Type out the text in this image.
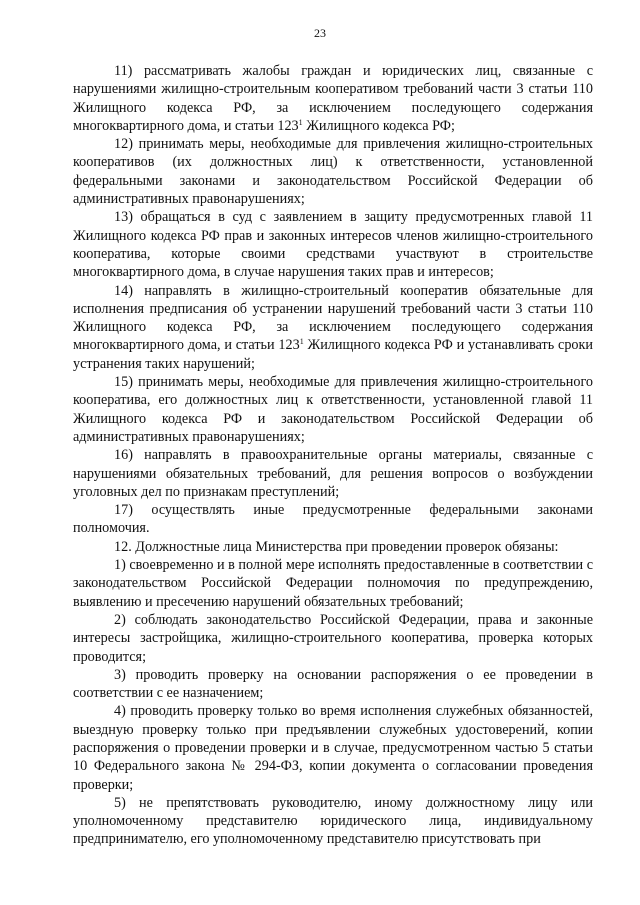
23

11) рассматривать жалобы граждан и юридических лиц, связанные с нарушениями жилищно-строительным кооперативом требований части 3 статьи 110 Жилищного кодекса РФ, за исключением последующего содержания многоквартирного дома, и статьи $123^1$ Жилищного кодекса РФ;

12) принимать меры, необходимые для привлечения жилищно-строительных кооперативов (их должностных лиц) к ответственности, установленной федеральными законами и законодательством Российской Федерации об административных правонарушениях;

13) обращаться в суд с заявлением в защиту предусмотренных главой 11 Жилищного кодекса РФ прав и законных интересов членов жилищно-строительного кооператива, которые своими средствами участвуют в строительстве многоквартирного дома, в случае нарушения таких прав и интересов;

14) направлять в жилищно-строительный кооператив обязательные для исполнения предписания об устранении нарушений требований части 3 статьи 110 Жилищного кодекса РФ, за исключением последующего содержания многоквартирного дома, и статьи $123^1$ Жилищного кодекса РФ и устанавливать сроки устранения таких нарушений;

15) принимать меры, необходимые для привлечения жилищно-строительного кооператива, его должностных лиц к ответственности, установленной главой 11 Жилищного кодекса РФ и законодательством Российской Федерации об административных правонарушениях;

16) направлять в правоохранительные органы материалы, связанные с нарушениями обязательных требований, для решения вопросов о возбуждении уголовных дел по признакам преступлений;

17) осуществлять иные предусмотренные федеральными законами полномочия.

12. Должностные лица Министерства при проведении проверок обязаны:

1) своевременно и в полной мере исполнять предоставленные в соответствии с законодательством Российской Федерации полномочия по предупреждению, выявлению и пресечению нарушений обязательных требований;

2) соблюдать законодательство Российской Федерации, права и законные интересы застройщика, жилищно-строительного кооператива, проверка которых проводится;

3) проводить проверку на основании распоряжения о ее проведении в соответствии с ее назначением;

4) проводить проверку только во время исполнения служебных обязанностей, выездную проверку только при предъявлении служебных удостоверений, копии распоряжения о проведении проверки и в случае, предусмотренном частью 5 статьи 10 Федерального закона № 294-ФЗ, копии документа о согласовании проведения проверки;

5) не препятствовать руководителю, иному должностному лицу или уполномоченному представителю юридического лица, индивидуальному предпринимателю, его уполномоченному представителю присутствовать при
